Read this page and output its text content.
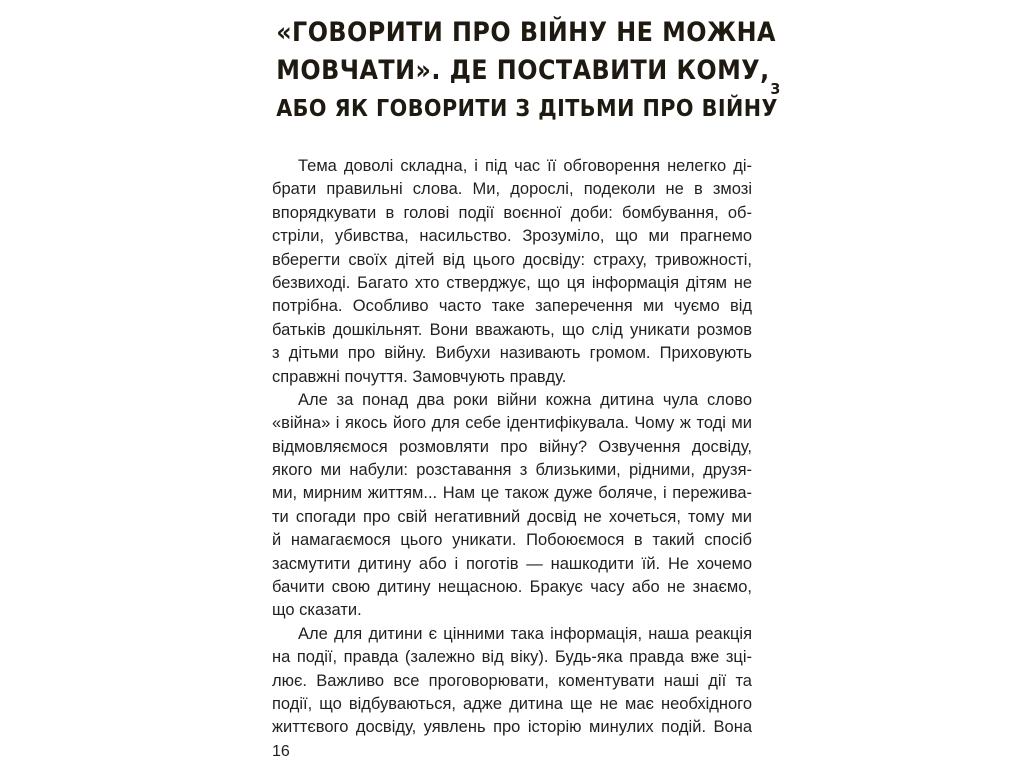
«ГОВОРИТИ ПРО ВІЙНУ НЕ МОЖНА
МОВЧАТИ». ДЕ ПОСТАВИТИ КОМУ,
З
АБО ЯК ГОВОРИТИ З ДІТЬМИ ПРО ВІЙНУ
Тема доволі складна, і під час її обговорення нелегко ді-
брати правильні слова. Ми, дорослі, подеколи не в змозі
впорядкувати в голові події воєнної доби: бомбування, об-
стріли, убивства, насильство. Зрозуміло, що ми прагнемо
вберегти своїх дітей від цього досвіду: страху, тривожності,
безвиході. Багато хто стверджує, що ця інформація дітям не
потрібна. Особливо часто таке заперечення ми чуємо від
батьків дошкільнят. Вони вважають, що слід уникати розмов
з дітьми про війну. Вибухи називають громом. Приховують
справжні почуття. Замовчують правду.
Але за понад два роки війни кожна дитина чула слово
«війна» і якось його для себе ідентифікувала. Чому ж тоді ми
відмовляємося розмовляти про війну? Озвучення досвіду,
якого ми набули: розставання з близькими, рідними, друзя-
ми, мирним життям... Нам це також дуже боляче, і пережива-
ти спогади про свій негативний досвід не хочеться, тому ми
й намагаємося цього уникати. Побоюємося в такий спосіб
засмутити дитину або і поготів — нашкодити їй. Не хочемо
бачити свою дитину нещасною. Бракує часу або не знаємо,
що сказати.
Але для дитини є цінними така інформація, наша реакція
на події, правда (залежно від віку). Будь-яка правда вже зці-
лює. Важливо все проговорювати, коментувати наші дії та
події, що відбуваються, адже дитина ще не має необхідного
життєвого досвіду, уявлень про історію минулих подій. Вона
16
